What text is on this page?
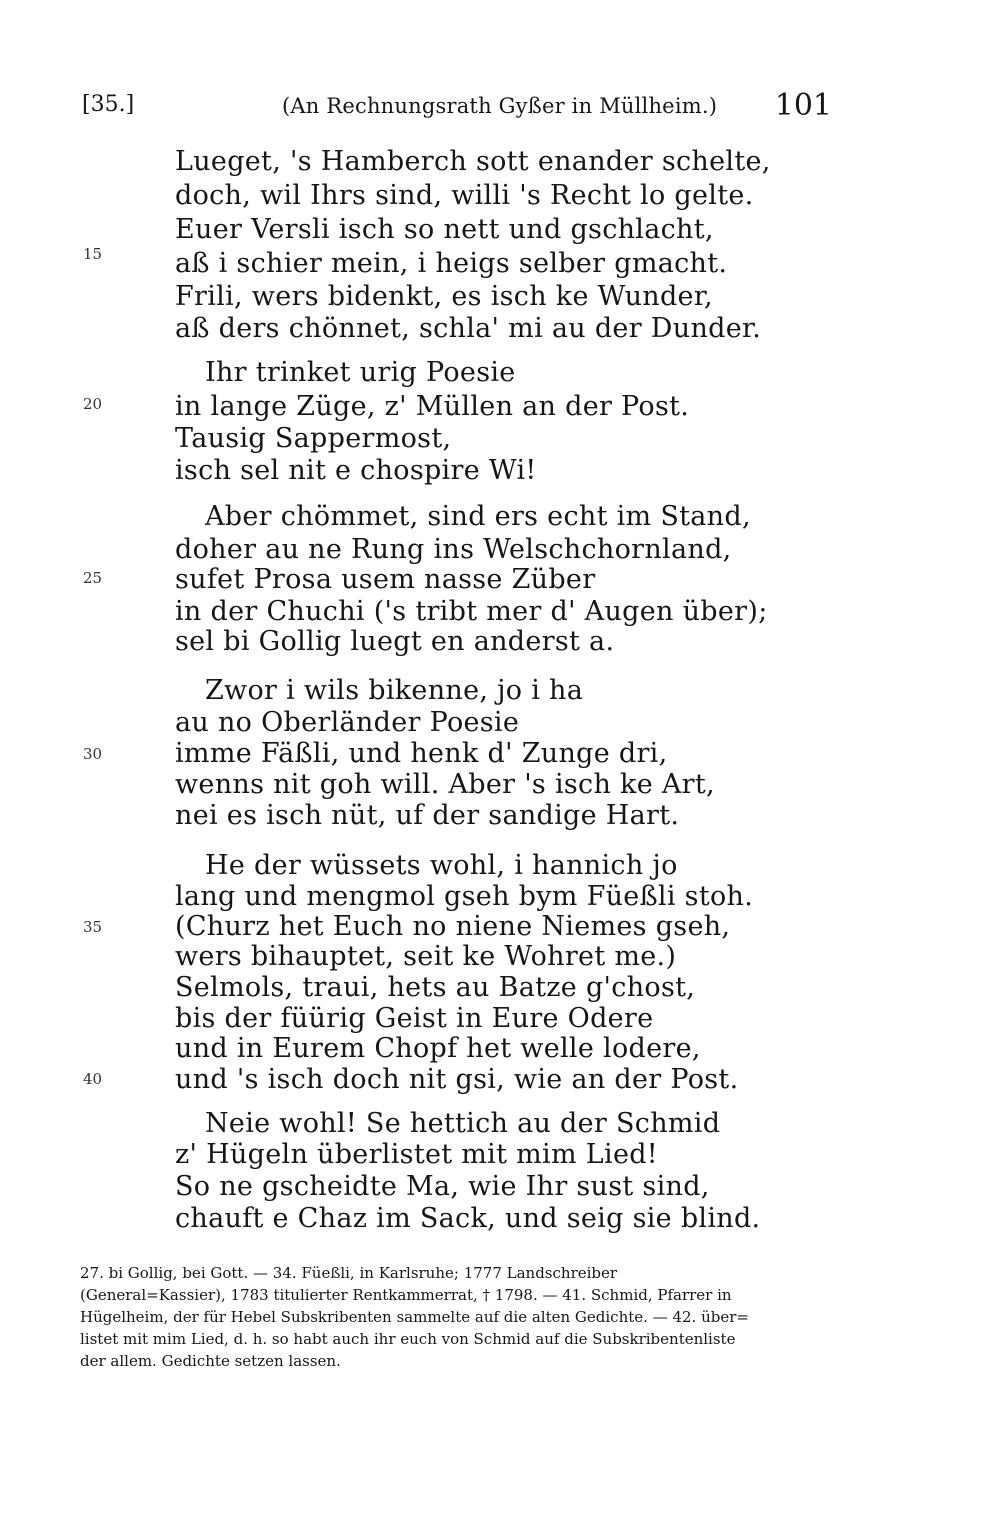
[35.]	(An Rechnungsrath Gyßer in Müllheim.) 101
Lueget, 's Hamberch sott enander schelte,
doch, wil Ihrs sind, willi 's Recht lo gelte.
Euer Versli isch so nett und gschlacht,
aß i schier mein, i heigs selber gmacht.
Frili, wers bidenkt, es isch ke Wunder,
aß ders chönnet, schla' mi au der Dunder.
Ihr trinket urig Poesie
in lange Züge, z' Müllen an der Post.
Tausig Sappermost,
isch sel nit e chospire Wi!
Aber chömmet, sind ers echt im Stand,
doher au ne Rung ins Welschchornland,
sufet Prosa usem nasse Züber
in der Chuchi ('s tribt mer d' Augen über);
sel bi Gollig luegt en anderst a.
Zwor i wils bikenne, jo i ha
au no Oberländer Poesie
imme Fäßli, und henk d' Zunge dri,
wenns nit goh will. Aber 's isch ke Art,
nei es isch nüt, uf der sandige Hart.
He der wüssets wohl, i hannich jo
lang und mengmol gseh bym Füeßli stoh.
(Churz het Euch no niene Niemes gseh,
wers bihauptet, seit ke Wohret me.)
Selmols, traui, hets au Batze g'chost,
bis der füürig Geist in Eure Odere
und in Eurem Chopf het welle lodere,
und 's isch doch nit gsi, wie an der Post.
Neie wohl! Se hettich au der Schmid
z' Hügeln überlistet mit mim Lied!
So ne gscheidte Ma, wie Ihr sust sind,
chauft e Chaz im Sack, und seig sie blind.
15
20
25
30
35
40
27. bi Gollig, bei Gott. — 34. Füeßli, in Karlsruhe; 1777 Landschreiber
(General=Kassier), 1783 titulierter Rentkammerrat, † 1798. — 41. Schmid, Pfarrer in
Hügelheim, der für Hebel Subskribenten sammelte auf die alten Gedichte. — 42. über=
listet mit mim Lied, d. h. so habt auch ihr euch von Schmid auf die Subskribentenliste
der allem. Gedichte setzen lassen.
